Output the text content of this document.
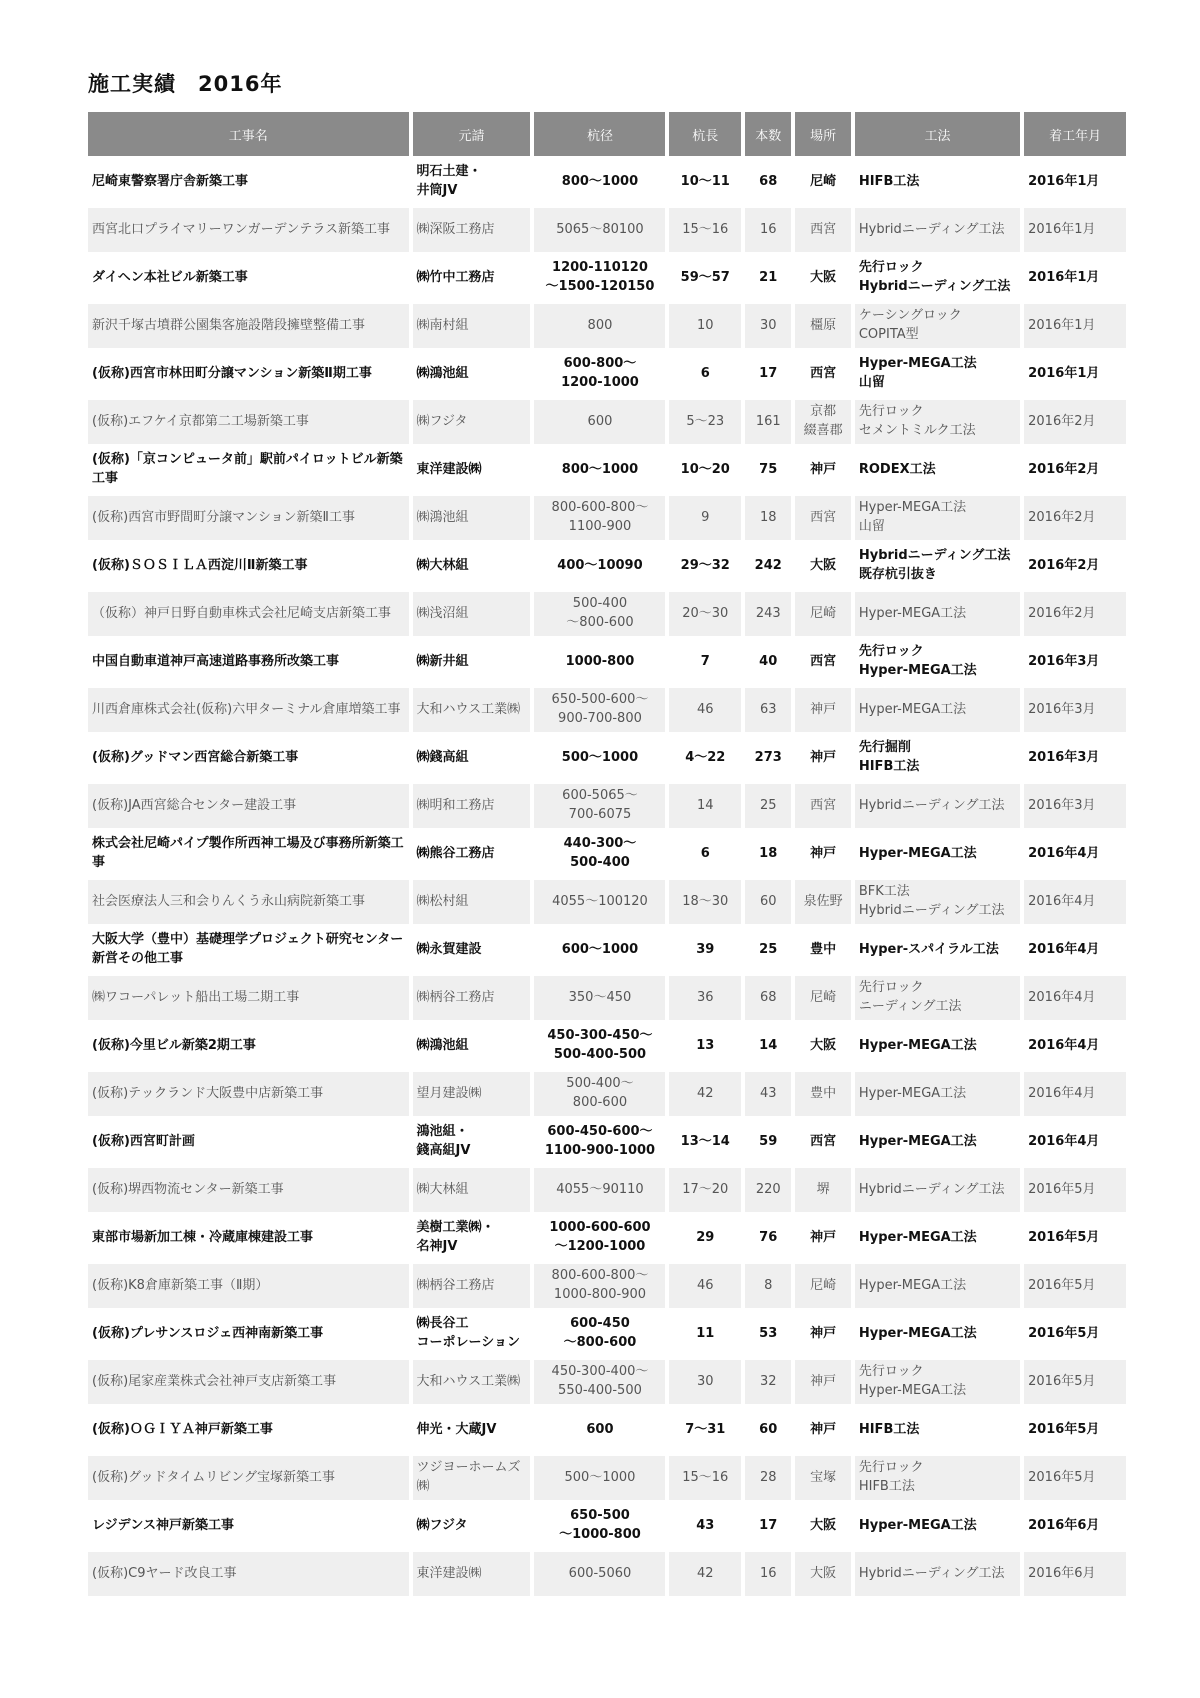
施工実績　2016年
工事名	元請	杭径	杭長	本数	場所	工法	着工年月
尼崎東警察署庁舎新築工事	明石土建・
井筒JV	800〜1000	10〜11	68	尼崎	HIFB工法	2016年1月
西宮北口プライマリーワンガーデンテラス新築工事	㈱深阪工務店	5065〜80100	15〜16	16	西宮	Hybridニーディング工法	2016年1月
ダイヘン本社ビル新築工事	㈱竹中工務店	1200-110120
〜1500-120150	59〜57	21	大阪	先行ロック
Hybridニーディング工法	2016年1月
新沢千塚古墳群公園集客施設階段擁壁整備工事	㈱南村組	800	10	30	橿原	ケーシングロック
COPITA型	2016年1月
(仮称)西宮市林田町分譲マンション新築Ⅱ期工事	㈱鴻池組	600-800〜
1200-1000	6	17	西宮	Hyper-MEGA工法
山留	2016年1月
(仮称)エフケイ京都第二工場新築工事	㈱フジタ	600	5〜23	161	京都
綴喜郡	先行ロック
セメントミルク工法	2016年2月
(仮称)「京コンピュータ前」駅前パイロットビル新築工事	東洋建設㈱	800〜1000	10〜20	75	神戸	RODEX工法	2016年2月
(仮称)西宮市野間町分譲マンション新築Ⅱ工事	㈱鴻池組	800-600-800〜
1100-900	9	18	西宮	Hyper-MEGA工法
山留	2016年2月
(仮称)ＳＯＳＩＬＡ西淀川Ⅱ新築工事	㈱大林組	400〜10090	29〜32	242	大阪	Hybridニーディング工法
既存杭引抜き	2016年2月
（仮称）神戸日野自動車株式会社尼崎支店新築工事	㈱浅沼組	500-400
〜800-600	20〜30	243	尼崎	Hyper-MEGA工法	2016年2月
中国自動車道神戸高速道路事務所改築工事	㈱新井組	1000-800	7	40	西宮	先行ロック
Hyper-MEGA工法	2016年3月
川西倉庫株式会社(仮称)六甲ターミナル倉庫増築工事	大和ハウス工業㈱	650-500-600〜
900-700-800	46	63	神戸	Hyper-MEGA工法	2016年3月
(仮称)グッドマン西宮総合新築工事	㈱錢高組	500〜1000	4〜22	273	神戸	先行掘削
HIFB工法	2016年3月
(仮称)JA西宮総合センター建設工事	㈱明和工務店	600-5065〜
700-6075	14	25	西宮	Hybridニーディング工法	2016年3月
株式会社尼崎パイプ製作所西神工場及び事務所新築工事	㈱熊谷工務店	440-300〜
500-400	6	18	神戸	Hyper-MEGA工法	2016年4月
社会医療法人三和会りんくう永山病院新築工事	㈱松村組	4055〜100120	18〜30	60	泉佐野	BFK工法
Hybridニーディング工法	2016年4月
大阪大学（豊中）基礎理学プロジェクト研究センター新営その他工事	㈱永賀建設	600〜1000	39	25	豊中	Hyper-スパイラル工法	2016年4月
㈱ワコーパレット船出工場二期工事	㈱柄谷工務店	350〜450	36	68	尼崎	先行ロック
ニーディング工法	2016年4月
(仮称)今里ビル新築2期工事	㈱鴻池組	450-300-450〜
500-400-500	13	14	大阪	Hyper-MEGA工法	2016年4月
(仮称)テックランド大阪豊中店新築工事	望月建設㈱	500-400〜
800-600	42	43	豊中	Hyper-MEGA工法	2016年4月
(仮称)西宮町計画	鴻池組・
錢高組JV	600-450-600〜
1100-900-1000	13〜14	59	西宮	Hyper-MEGA工法	2016年4月
(仮称)堺西物流センター新築工事	㈱大林組	4055〜90110	17〜20	220	堺	Hybridニーディング工法	2016年5月
東部市場新加工棟・冷蔵庫棟建設工事	美樹工業㈱・
名神JV	1000-600-600
〜1200-1000	29	76	神戸	Hyper-MEGA工法	2016年5月
(仮称)K8倉庫新築工事（Ⅱ期）	㈱柄谷工務店	800-600-800〜
1000-800-900	46	8	尼崎	Hyper-MEGA工法	2016年5月
(仮称)プレサンスロジェ西神南新築工事	㈱長谷工
コーポレーション	600-450
〜800-600	11	53	神戸	Hyper-MEGA工法	2016年5月
(仮称)尾家産業株式会社神戸支店新築工事	大和ハウス工業㈱	450-300-400〜
550-400-500	30	32	神戸	先行ロック
Hyper-MEGA工法	2016年5月
(仮称)ＯＧＩＹＡ神戸新築工事	伸光・大蔵JV	600	7〜31	60	神戸	HIFB工法	2016年5月
(仮称)グッドタイムリビング宝塚新築工事	ツジヨーホームズ㈱	500〜1000	15〜16	28	宝塚	先行ロック
HIFB工法	2016年5月
レジデンス神戸新築工事	㈱フジタ	650-500
〜1000-800	43	17	大阪	Hyper-MEGA工法	2016年6月
(仮称)C9ヤード改良工事	東洋建設㈱	600-5060	42	16	大阪	Hybridニーディング工法	2016年6月
